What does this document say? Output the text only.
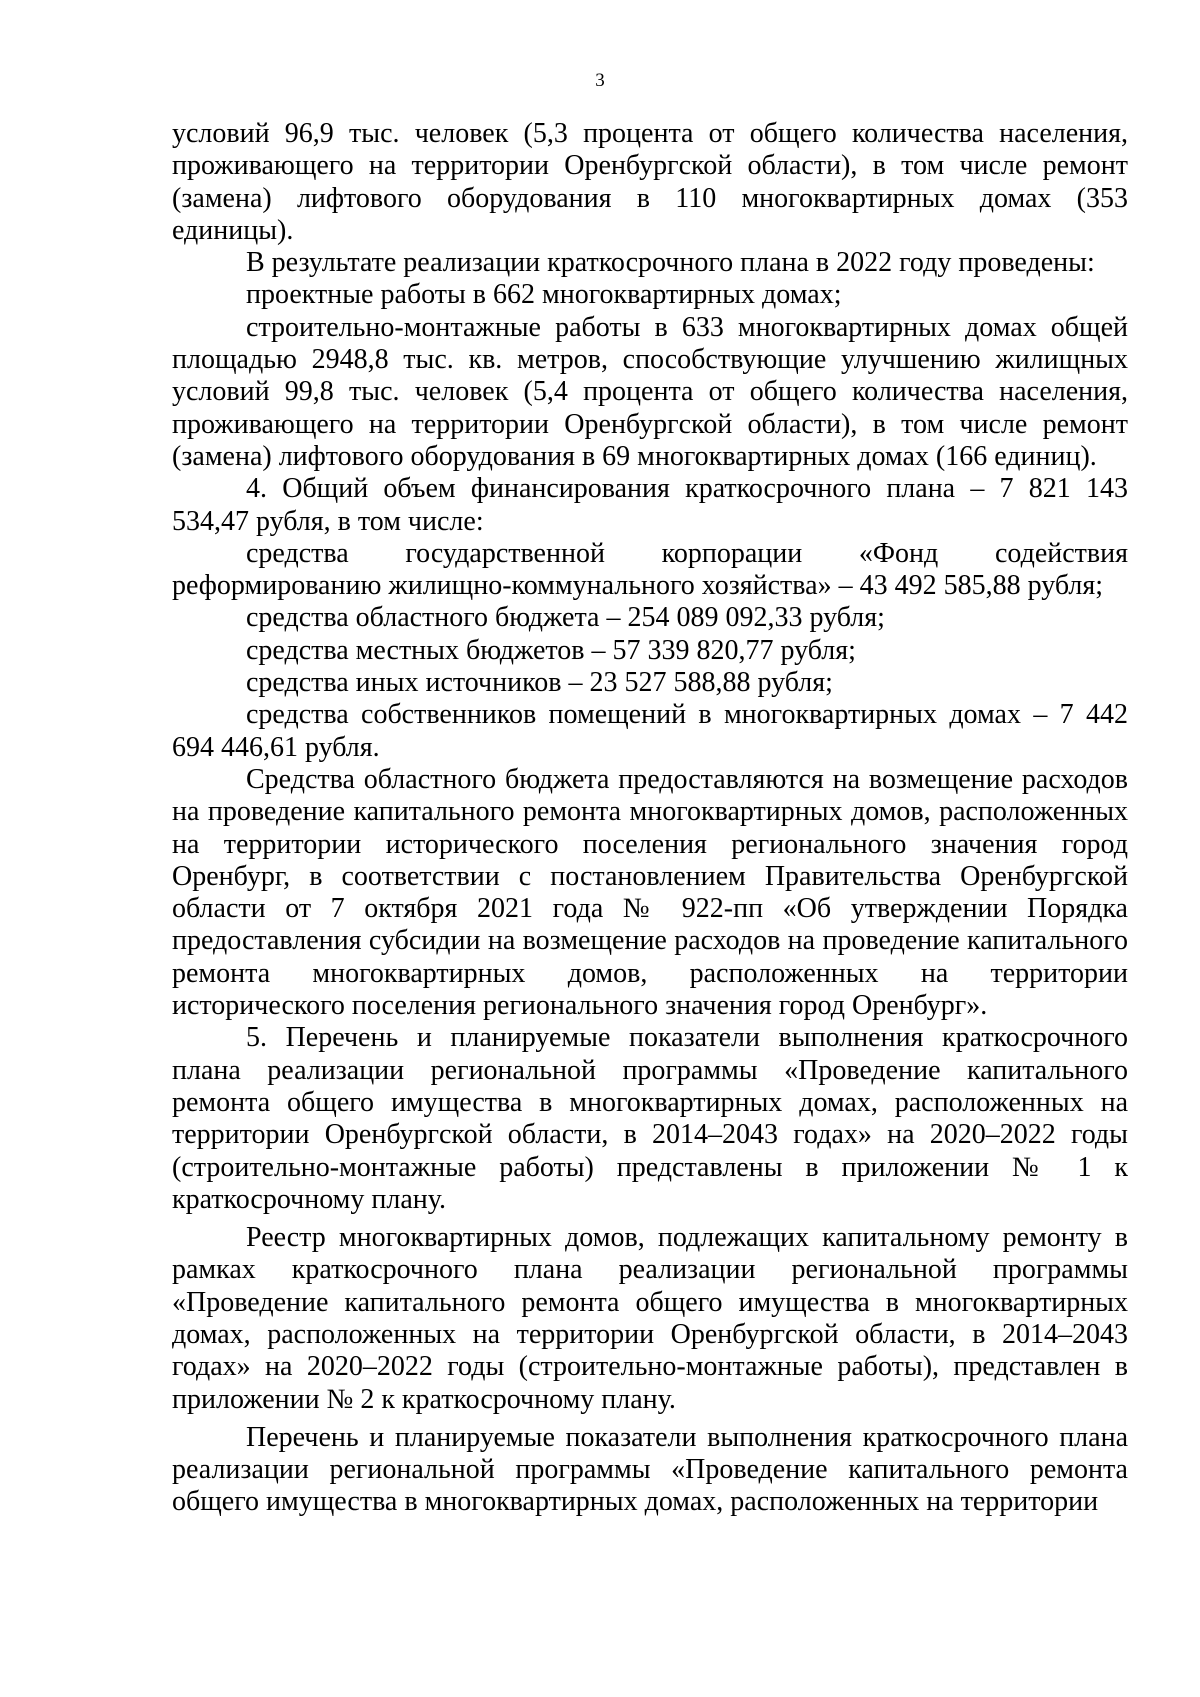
3

условий 96,9 тыс. человек (5,3 процента от общего количества населения, проживающего на территории Оренбургской области), в том числе ремонт (замена) лифтового оборудования в 110 многоквартирных домах (353 единицы).

В результате реализации краткосрочного плана в 2022 году проведены:

проектные работы в 662 многоквартирных домах;

строительно-монтажные работы в 633 многоквартирных домах общей площадью 2948,8 тыс. кв. метров, способствующие улучшению жилищных условий 99,8 тыс. человек (5,4 процента от общего количества населения, проживающего на территории Оренбургской области), в том числе ремонт (замена) лифтового оборудования в 69 многоквартирных домах (166 единиц).

4. Общий объем финансирования краткосрочного плана – 7 821 143 534,47 рубля, в том числе:

средства государственной корпорации «Фонд содействия реформированию жилищно-коммунального хозяйства» – 43 492 585,88 рубля;

средства областного бюджета – 254 089 092,33 рубля;

средства местных бюджетов – 57 339 820,77 рубля;

средства иных источников – 23 527 588,88 рубля;

средства собственников помещений в многоквартирных домах – 7 442 694 446,61 рубля.

Средства областного бюджета предоставляются на возмещение расходов на проведение капитального ремонта многоквартирных домов, расположенных на территории исторического поселения регионального значения город Оренбург, в соответствии с постановлением Правительства Оренбургской области от 7 октября 2021 года № 922-пп «Об утверждении Порядка предоставления субсидии на возмещение расходов на проведение капитального ремонта многоквартирных домов, расположенных на территории исторического поселения регионального значения город Оренбург».

5. Перечень и планируемые показатели выполнения краткосрочного плана реализации региональной программы «Проведение капитального ремонта общего имущества в многоквартирных домах, расположенных на территории Оренбургской области, в 2014–2043 годах» на 2020–2022 годы (строительно-монтажные работы) представлены в приложении № 1 к краткосрочному плану.

Реестр многоквартирных домов, подлежащих капитальному ремонту в рамках краткосрочного плана реализации региональной программы «Проведение капитального ремонта общего имущества в многоквартирных домах, расположенных на территории Оренбургской области, в 2014–2043 годах» на 2020–2022 годы (строительно-монтажные работы), представлен в приложении № 2 к краткосрочному плану.

Перечень и планируемые показатели выполнения краткосрочного плана реализации региональной программы «Проведение капитального ремонта общего имущества в многоквартирных домах, расположенных на территории
